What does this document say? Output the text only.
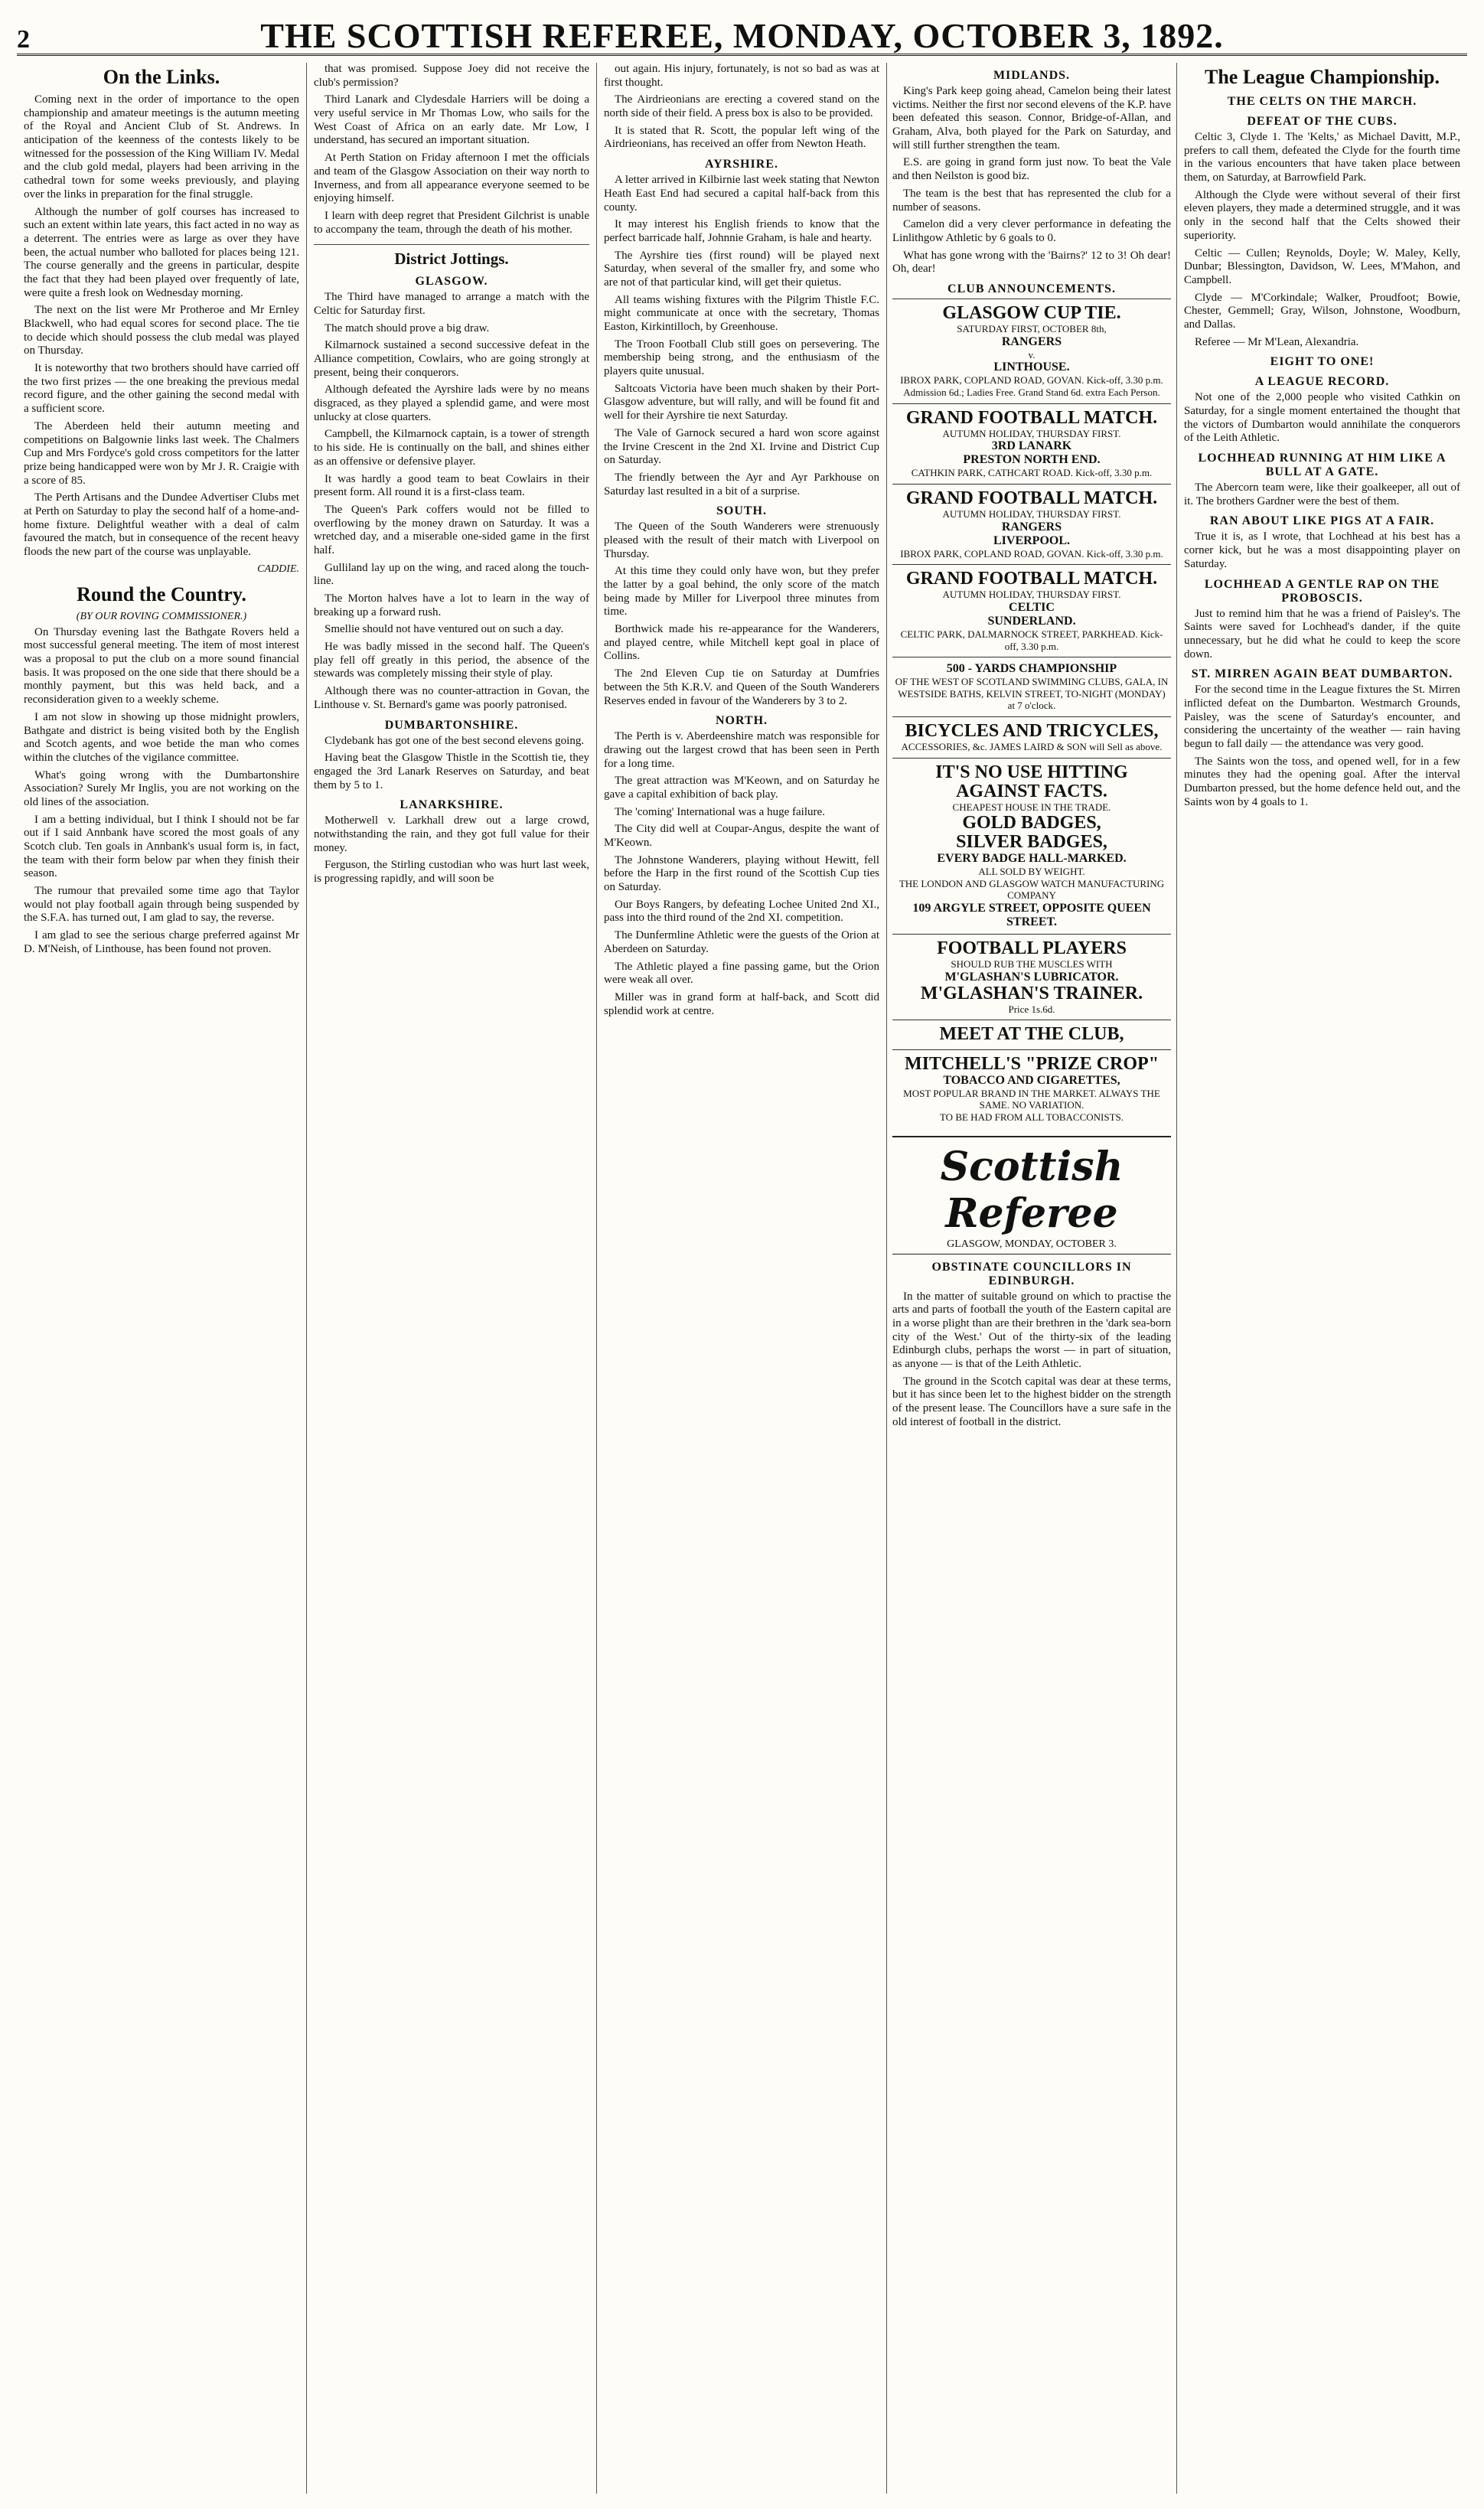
2	THE SCOTTISH REFEREE, MONDAY, OCTOBER 3, 1892.
On the Links.

Coming next in the order of importance to the open championship and amateur meetings is the autumn meeting of the Royal and Ancient Club of St. Andrews. In anticipation of the keenness of the contests likely to be witnessed for the possession of the King William IV. Medal and the club gold medal, players had been arriving in the cathedral town for some weeks previously, and playing over the links in preparation for the final struggle.

Although the number of golf courses has increased to such an extent within late years, this fact acted in no way as a deterrent. The entries were as large as over they have been, the actual number who balloted for places being 121. The course generally and the greens in particular, despite the fact that they had been played over frequently of late, were quite a fresh look on Wednesday morning.

The next on the list were Mr Protheroe and Mr Ernley Blackwell, who had equal scores for second place. The tie to decide which should possess the club medal was played on Thursday.

It is noteworthy that two brothers should have carried off the two first prizes — the one breaking the previous medal record figure, and the other gaining the second medal with a sufficient score.

The Aberdeen held their autumn meeting and competitions on Balgownie links last week. The Chalmers Cup and Mrs Fordyce's gold cross competitors for the latter prize being handicapped were won by Mr J. R. Craigie with a score of 85.

The Perth Artisans and the Dundee Advertiser Clubs met at Perth on Saturday to play the second half of a home-and-home fixture. Delightful weather with a deal of calm favoured the match, but in consequence of the recent heavy floods the new part of the course was unplayable.

CADDIE.
Round the Country.
(BY OUR ROVING COMMISSIONER.)

On Thursday evening last the Bathgate Rovers held a most successful general meeting. The item of most interest was a proposal to put the club on a more sound financial basis. It was proposed on the one side that there should be a monthly payment, but this was held back, and a reconsideration given to a weekly scheme.

I am not slow in showing up those midnight prowlers, Bathgate and district is being visited both by the English and Scotch agents, and woe betide the man who comes within the clutches of the vigilance committee.

What's going wrong with the Dumbartonshire Association? Surely Mr Inglis, you are not working on the old lines of the association.

I am a betting individual, but I think I should not be far out if I said Annbank have scored the most goals of any Scotch club. Ten goals in Annbank's usual form is, in fact, the team with their form below par when they finish their season.

The rumour that prevailed some time ago that Taylor would not play football again through being suspended by the S.F.A. has turned out, I am glad to say, the reverse.

I am glad to see the serious charge preferred against Mr D. M'Neish, of Linthouse, has been found not proven.

that was promised. Suppose Joey did not receive the club's permission?

Third Lanark and Clydesdale Harriers will be doing a very useful service in Mr Thomas Low, who sails for the West Coast of Africa on an early date. Mr Low, I understand, has secured an important situation.

At Perth Station on Friday afternoon I met the officials and team of the Glasgow Association on their way north to Inverness, and from all appearance everyone seemed to be enjoying himself.

I learn with deep regret that President Gilchrist is unable to accompany the team, through the death of his mother.

District Jottings.
GLASGOW.

The Third have managed to arrange a match with the Celtic for Saturday first.

The match should prove a big draw.

Kilmarnock sustained a second successive defeat in the Alliance competition, Cowlairs, who are going strongly at present, being their conquerors.

Although defeated the Ayrshire lads were by no means disgraced, as they played a splendid game, and were most unlucky at close quarters.

Campbell, the Kilmarnock captain, is a tower of strength to his side. He is continually on the ball, and shines either as an offensive or defensive player.

It was hardly a good team to beat Cowlairs in their present form. All round it is a first-class team.

The Queen's Park coffers would not be filled to overflowing by the money drawn on Saturday. It was a wretched day, and a miserable one-sided game in the first half.

Gulliland lay up on the wing, and raced along the touch-line.

The Morton halves have a lot to learn in the way of breaking up a forward rush.

Smellie should not have ventured out on such a day.

He was badly missed in the second half. The Queen's play fell off greatly in this period, the absence of the stewards was completely missing their style of play.

Although there was no counter-attraction in Govan, the Linthouse v. St. Bernard's game was poorly patronised.

DUMBARTONSHIRE.

Clydebank has got one of the best second elevens going.

Having beat the Glasgow Thistle in the Scottish tie, they engaged the 3rd Lanark Reserves on Saturday, and beat them by 5 to 1.

LANARKSHIRE.

Motherwell v. Larkhall drew out a large crowd, notwithstanding the rain, and they got full value for their money.

Ferguson, the Stirling custodian who was hurt last week, is progressing rapidly, and will soon be

out again. His injury, fortunately, is not so bad as was at first thought.

The Airdrieonians are erecting a covered stand on the north side of their field. A press box is also to be provided.

It is stated that R. Scott, the popular left wing of the Airdrieonians, has received an offer from Newton Heath.

AYRSHIRE.

A letter arrived in Kilbirnie last week stating that Newton Heath East End had secured a capital half-back from this county.

It may interest his English friends to know that the perfect barricade half, Johnnie Graham, is hale and hearty.

The Ayrshire ties (first round) will be played next Saturday, when several of the smaller fry, and some who are not of that particular kind, will get their quietus.

All teams wishing fixtures with the Pilgrim Thistle F.C. might communicate at once with the secretary, Thomas Easton, Kirkintilloch, by Greenhouse.

The Troon Football Club still goes on persevering. The membership being strong, and the enthusiasm of the players quite unusual.

Saltcoats Victoria have been much shaken by their Port-Glasgow adventure, but will rally, and will be found fit and well for their Ayrshire tie next Saturday.

The Vale of Garnock secured a hard won score against the Irvine Crescent in the 2nd XI. Irvine and District Cup on Saturday.

The friendly between the Ayr and Ayr Parkhouse on Saturday last resulted in a bit of a surprise.

SOUTH.

The Queen of the South Wanderers were strenuously pleased with the result of their match with Liverpool on Thursday.

At this time they could only have won, but they prefer the latter by a goal behind, the only score of the match being made by Miller for Liverpool three minutes from time.

Borthwick made his re-appearance for the Wanderers, and played centre, while Mitchell kept goal in place of Collins.

The 2nd Eleven Cup tie on Saturday at Dumfries between the 5th K.R.V. and Queen of the South Wanderers Reserves ended in favour of the Wanderers by 3 to 2.

NORTH.

The Perth is v. Aberdeenshire match was responsible for drawing out the largest crowd that has been seen in Perth for a long time.

The great attraction was M'Keown, and on Saturday he gave a capital exhibition of back play.

The 'coming' International was a huge failure.

The City did well at Coupar-Angus, despite the want of M'Keown.

The Johnstone Wanderers, playing without Hewitt, fell before the Harp in the first round of the Scottish Cup ties on Saturday.

Our Boys Rangers, by defeating Lochee United 2nd XI., pass into the third round of the 2nd XI. competition.

The Dunfermline Athletic were the guests of the Orion at Aberdeen on Saturday.

The Athletic played a fine passing game, but the Orion were weak all over.

Miller was in grand form at half-back, and Scott did splendid work at centre.

MIDLANDS.

King's Park keep going ahead, Camelon being their latest victims. Neither the first nor second elevens of the K.P. have been defeated this season. Connor, Bridge-of-Allan, and Graham, Alva, both played for the Park on Saturday, and will still further strengthen the team.

E.S. are going in grand form just now. To beat the Vale and then Neilston is good biz.

The team is the best that has represented the club for a number of seasons.

Camelon did a very clever performance in defeating the Linlithgow Athletic by 6 goals to 0.

What has gone wrong with the 'Bairns?' 12 to 3! Oh dear! Oh, dear!

CLUB ANNOUNCEMENTS.
GLASGOW CUP TIE.
SATURDAY FIRST, OCTOBER 8th,
RANGERS
v.
LINTHOUSE.
IBROX PARK, COPLAND ROAD, GOVAN. Kick-off, 3.30 p.m.
Admission 6d.; Ladies Free. Grand Stand 6d. extra Each Person.
GRAND FOOTBALL MATCH.
AUTUMN HOLIDAY, THURSDAY FIRST.
3RD LANARK
PRESTON NORTH END.
CATHKIN PARK, CATHCART ROAD. Kick-off, 3.30 p.m.
GRAND FOOTBALL MATCH.
AUTUMN HOLIDAY, THURSDAY FIRST.
RANGERS
LIVERPOOL.
IBROX PARK, COPLAND ROAD, GOVAN. Kick-off, 3.30 p.m.
GRAND FOOTBALL MATCH.
AUTUMN HOLIDAY, THURSDAY FIRST.
CELTIC
SUNDERLAND.
CELTIC PARK, DALMARNOCK STREET, PARKHEAD. Kick-off, 3.30 p.m.
500 - YARDS CHAMPIONSHIP
OF THE WEST OF SCOTLAND SWIMMING CLUBS, GALA, IN WESTSIDE BATHS, KELVIN STREET, TO-NIGHT (MONDAY) at 7 o'clock.
BICYCLES AND TRICYCLES,
ACCESSORIES, &c. JAMES LAIRD & SON will Sell as above.
IT'S NO USE HITTING AGAINST FACTS.
CHEAPEST HOUSE IN THE TRADE.
GOLD BADGES,
SILVER BADGES,
EVERY BADGE HALL-MARKED.
ALL SOLD BY WEIGHT.
THE LONDON AND GLASGOW WATCH MANUFACTURING COMPANY
109 ARGYLE STREET, OPPOSITE QUEEN STREET.
FOOTBALL PLAYERS
SHOULD RUB THE MUSCLES WITH
M'GLASHAN'S LUBRICATOR.
M'GLASHAN'S TRAINER.
Price 1s.6d.
MEET AT THE CLUB,
MITCHELL'S "PRIZE CROP"
TOBACCO AND CIGARETTES,
MOST POPULAR BRAND IN THE MARKET. ALWAYS THE SAME. NO VARIATION.
TO BE HAD FROM ALL TOBACCONISTS.
Scottish Referee
GLASGOW, MONDAY, OCTOBER 3.
OBSTINATE COUNCILLORS IN EDINBURGH.

In the matter of suitable ground on which to practise the arts and parts of football the youth of the Eastern capital are in a worse plight than are their brethren in the 'dark sea-born city of the West.' Out of the thirty-six of the leading Edinburgh clubs, perhaps the worst — in part of situation, as anyone — is that of the Leith Athletic.

The ground in the Scotch capital was dear at these terms, but it has since been let to the highest bidder on the strength of the present lease. The Councillors have a sure safe in the old interest of football in the district.

The League Championship.
THE CELTS ON THE MARCH.
DEFEAT OF THE CUBS.

Celtic 3, Clyde 1. The 'Kelts,' as Michael Davitt, M.P., prefers to call them, defeated the Clyde for the fourth time in the various encounters that have taken place between them, on Saturday, at Barrowfield Park.

Although the Clyde were without several of their first eleven players, they made a determined struggle, and it was only in the second half that the Celts showed their superiority.

Celtic — Cullen; Reynolds, Doyle; W. Maley, Kelly, Dunbar; Blessington, Davidson, W. Lees, M'Mahon, and Campbell.

Clyde — M'Corkindale; Walker, Proudfoot; Bowie, Chester, Gemmell; Gray, Wilson, Johnstone, Woodburn, and Dallas.

Referee — Mr M'Lean, Alexandria.

EIGHT TO ONE!
A LEAGUE RECORD.

Not one of the 2,000 people who visited Cathkin on Saturday, for a single moment entertained the thought that the victors of Dumbarton would annihilate the conquerors of the Leith Athletic.

LOCHHEAD RUNNING AT HIM LIKE A BULL AT A GATE.

The Abercorn team were, like their goalkeeper, all out of it. The brothers Gardner were the best of them.

RAN ABOUT LIKE PIGS AT A FAIR.

True it is, as I wrote, that Lochhead at his best has a corner kick, but he was a most disappointing player on Saturday.

LOCHHEAD A GENTLE RAP ON THE PROBOSCIS.

Just to remind him that he was a friend of Paisley's. The Saints were saved for Lochhead's dander, if the quite unnecessary, but he did what he could to keep the score down.

ST. MIRREN AGAIN BEAT DUMBARTON.

For the second time in the League fixtures the St. Mirren inflicted defeat on the Dumbarton. Westmarch Grounds, Paisley, was the scene of Saturday's encounter, and considering the uncertainty of the weather — rain having begun to fall daily — the attendance was very good.

The Saints won the toss, and opened well, for in a few minutes they had the opening goal. After the interval Dumbarton pressed, but the home defence held out, and the Saints won by 4 goals to 1.
